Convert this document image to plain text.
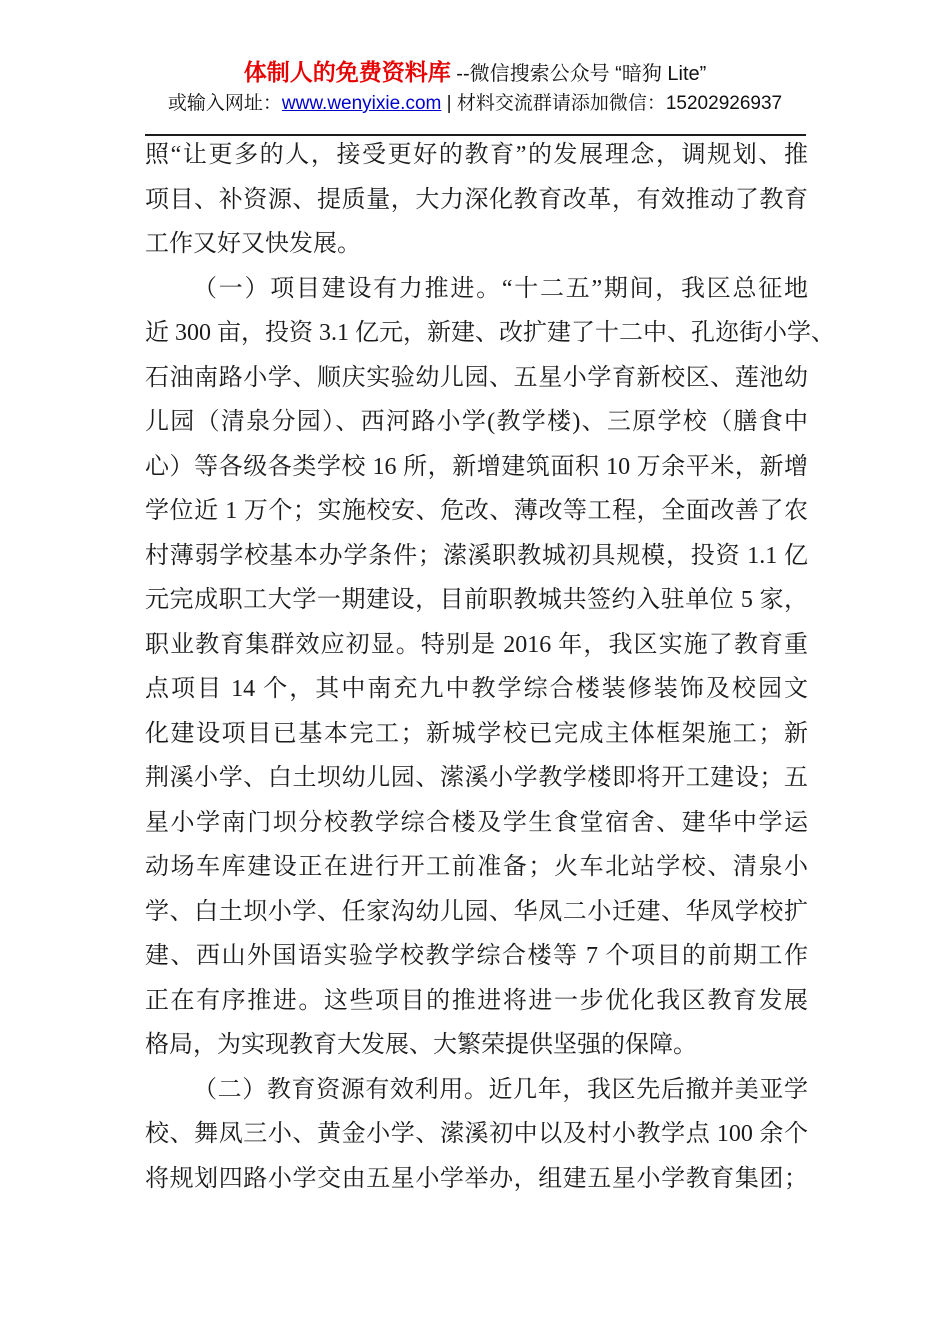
体制人的免费资料库 --微信搜索公众号 “暗狗 Lite”
或输入网址：www.wenyixie.com | 材料交流群请添加微信：15202926937
照“让更多的人，接受更好的教育”的发展理念，调规划、推
项目、补资源、提质量，大力深化教育改革，有效推动了教育
工作又好又快发展。
（一）项目建设有力推进。“十二五”期间，我区总征地
近 300 亩，投资 3.1 亿元，新建、改扩建了十二中、孔迩街小学、
石油南路小学、顺庆实验幼儿园、五星小学育新校区、莲池幼
儿园（清泉分园）、西河路小学(教学楼)、三原学校（膳食中
心）等各级各类学校 16 所，新增建筑面积 10 万余平米，新增
学位近 1 万个；实施校安、危改、薄改等工程，全面改善了农
村薄弱学校基本办学条件；潆溪职教城初具规模，投资 1.1 亿
元完成职工大学一期建设，目前职教城共签约入驻单位 5 家，
职业教育集群效应初显。特别是 2016 年，我区实施了教育重
点项目 14 个，其中南充九中教学综合楼装修装饰及校园文
化建设项目已基本完工；新城学校已完成主体框架施工；新
荆溪小学、白土坝幼儿园、潆溪小学教学楼即将开工建设；五
星小学南门坝分校教学综合楼及学生食堂宿舍、建华中学运
动场车库建设正在进行开工前准备；火车北站学校、清泉小
学、白土坝小学、任家沟幼儿园、华凤二小迁建、华凤学校扩
建、西山外国语实验学校教学综合楼等 7 个项目的前期工作
正在有序推进。这些项目的推进将进一步优化我区教育发展
格局，为实现教育大发展、大繁荣提供坚强的保障。
（二）教育资源有效利用。近几年，我区先后撤并美亚学
校、舞凤三小、黄金小学、潆溪初中以及村小教学点 100 余个
将规划四路小学交由五星小学举办，组建五星小学教育集团；
